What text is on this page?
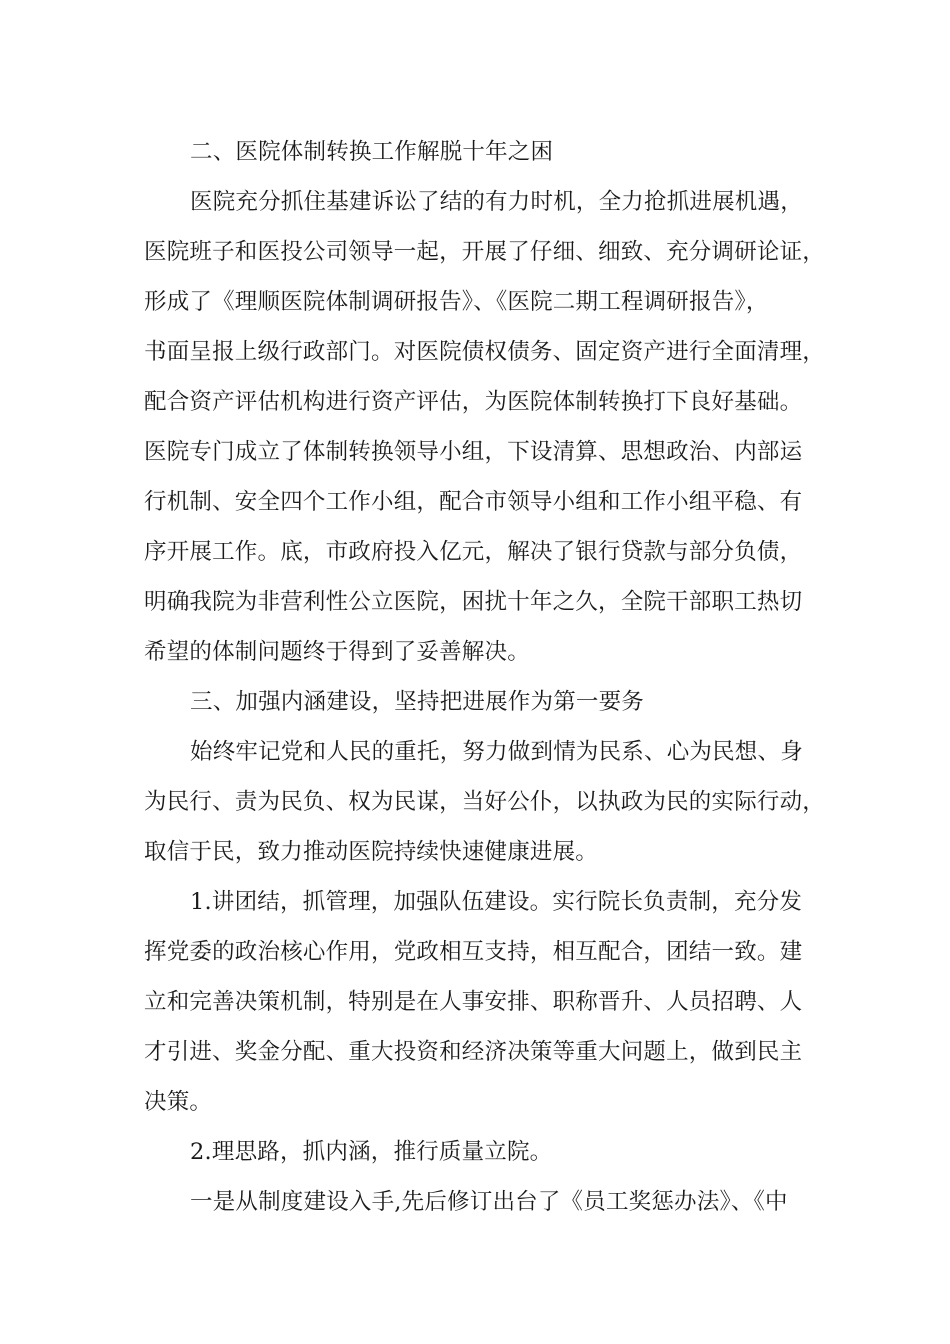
二、医院体制转换工作解脱十年之困
医院充分抓住基建诉讼了结的有力时机，全力抢抓进展机遇，
医院班子和医投公司领导一起，开展了仔细、细致、充分调研论证，
形成了《理顺医院体制调研报告》、《医院二期工程调研报告》，
书面呈报上级行政部门。对医院债权债务、固定资产进行全面清理，
配合资产评估机构进行资产评估，为医院体制转换打下良好基础。
医院专门成立了体制转换领导小组，下设清算、思想政治、内部运
行机制、安全四个工作小组，配合市领导小组和工作小组平稳、有
序开展工作。底，市政府投入亿元，解决了银行贷款与部分负债，
明确我院为非营利性公立医院，困扰十年之久，全院干部职工热切
希望的体制问题终于得到了妥善解决。
三、加强内涵建设，坚持把进展作为第一要务
始终牢记党和人民的重托，努力做到情为民系、心为民想、身
为民行、责为民负、权为民谋，当好公仆，以执政为民的实际行动，
取信于民，致力推动医院持续快速健康进展。
1.讲团结，抓管理，加强队伍建设。实行院长负责制，充分发
挥党委的政治核心作用，党政相互支持，相互配合，团结一致。建
立和完善决策机制，特别是在人事安排、职称晋升、人员招聘、人
才引进、奖金分配、重大投资和经济决策等重大问题上，做到民主
决策。
2.理思路，抓内涵，推行质量立院。
一是从制度建设入手,先后修订出台了《员工奖惩办法》、《中
